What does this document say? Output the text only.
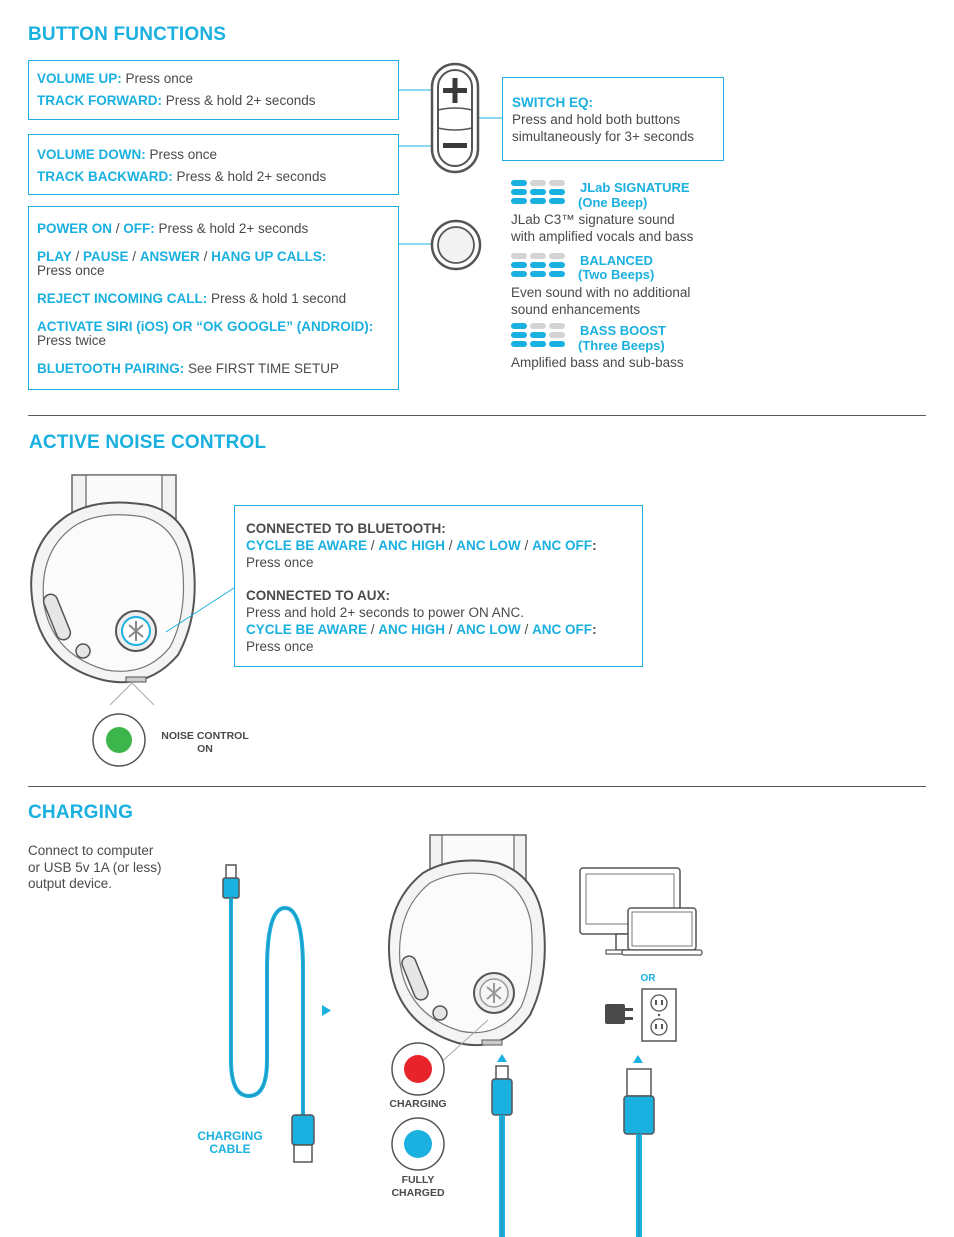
BUTTON FUNCTIONS
VOLUME UP: Press once
TRACK FORWARD: Press & hold 2+ seconds
VOLUME DOWN: Press once
TRACK BACKWARD: Press & hold 2+ seconds
POWER ON / OFF: Press & hold 2+ seconds
PLAY / PAUSE / ANSWER / HANG UP CALLS:
Press once
REJECT INCOMING CALL: Press & hold 1 second
ACTIVATE SIRI (iOS) OR “OK GOOGLE” (ANDROID):
Press twice
BLUETOOTH PAIRING: See FIRST TIME SETUP
SWITCH EQ:
Press and hold both buttons
simultaneously for 3+ seconds
JLab SIGNATURE
(One Beep)
JLab C3™ signature sound
with amplified vocals and bass
BALANCED
(Two Beeps)
Even sound with no additional
sound enhancements
BASS BOOST
(Three Beeps)
Amplified bass and sub-bass
ACTIVE NOISE CONTROL
CONNECTED TO BLUETOOTH:
CYCLE BE AWARE / ANC HIGH / ANC LOW / ANC OFF:
Press once
CONNECTED TO AUX:
Press and hold 2+ seconds to power ON ANC.
CYCLE BE AWARE / ANC HIGH / ANC LOW / ANC OFF:
Press once
NOISE CONTROL
ON
CHARGING
Connect to computer
or USB 5v 1A (or less)
output device.
CHARGING
CABLE
CHARGING
FULLY
CHARGED
OR
